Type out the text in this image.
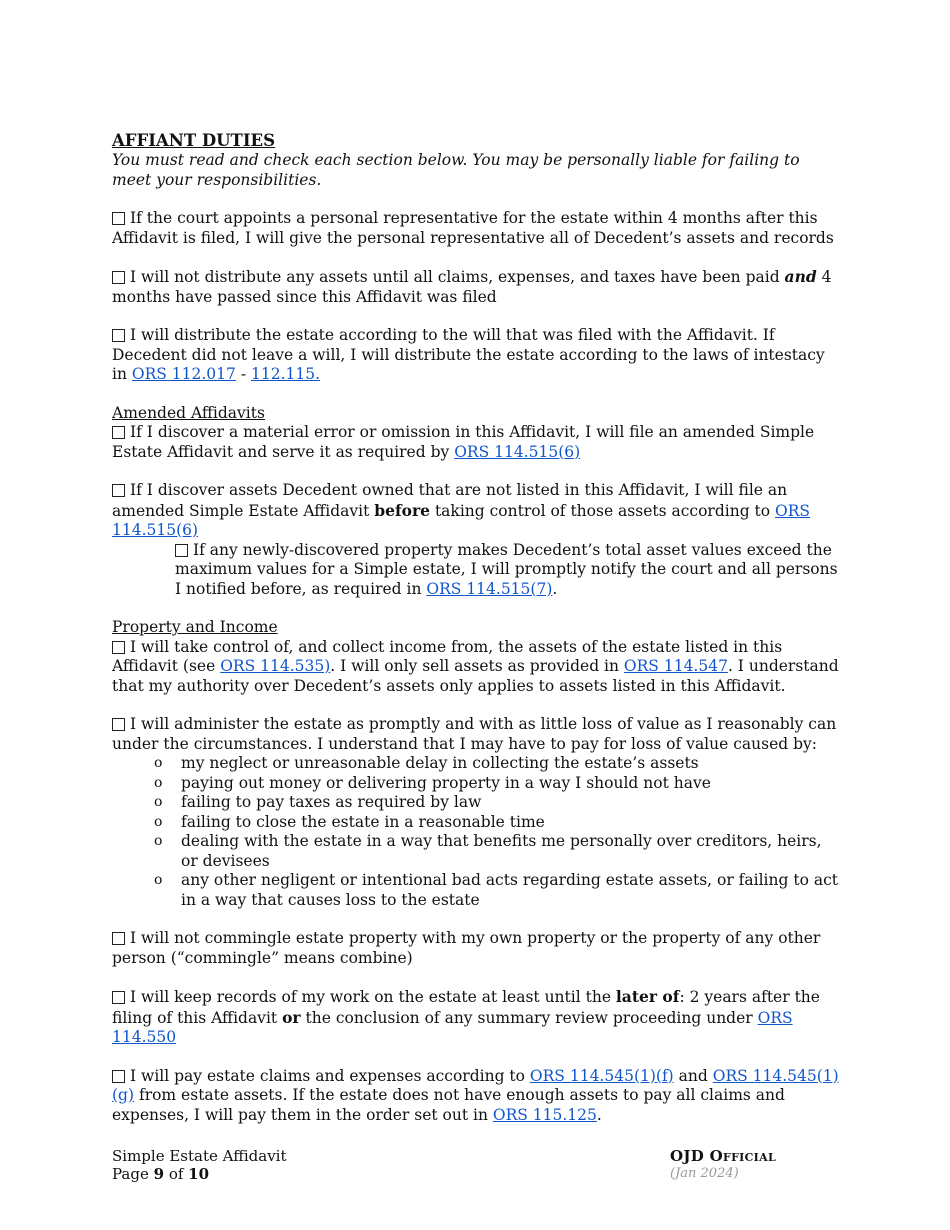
AFFIANT DUTIES

You must read and check each section below. You may be personally liable for failing to meet your responsibilities.

If the court appoints a personal representative for the estate within 4 months after this Affidavit is filed, I will give the personal representative all of Decedent’s assets and records

I will not distribute any assets until all claims, expenses, and taxes have been paid and 4 months have passed since this Affidavit was filed

I will distribute the estate according to the will that was filed with the Affidavit. If Decedent did not leave a will, I will distribute the estate according to the laws of intestacy in ORS 112.017 - 112.115.

Amended Affidavits

If I discover a material error or omission in this Affidavit, I will file an amended Simple Estate Affidavit and serve it as required by ORS 114.515(6)

If I discover assets Decedent owned that are not listed in this Affidavit, I will file an amended Simple Estate Affidavit before taking control of those assets according to ORS 114.515(6)

If any newly-discovered property makes Decedent’s total asset values exceed the maximum values for a Simple estate, I will promptly notify the court and all persons I notified before, as required in ORS 114.515(7).

Property and Income

I will take control of, and collect income from, the assets of the estate listed in this Affidavit (see ORS 114.535). I will only sell assets as provided in ORS 114.547. I understand that my authority over Decedent’s assets only applies to assets listed in this Affidavit.

I will administer the estate as promptly and with as little loss of value as I reasonably can under the circumstances. I understand that I may have to pay for loss of value caused by:

o my neglect or unreasonable delay in collecting the estate’s assets
o paying out money or delivering property in a way I should not have
o failing to pay taxes as required by law
o failing to close the estate in a reasonable time
o dealing with the estate in a way that benefits me personally over creditors, heirs, or devisees
o any other negligent or intentional bad acts regarding estate assets, or failing to act in a way that causes loss to the estate

I will not commingle estate property with my own property or the property of any other person (“commingle” means combine)

I will keep records of my work on the estate at least until the later of: 2 years after the filing of this Affidavit or the conclusion of any summary review proceeding under ORS 114.550

I will pay estate claims and expenses according to ORS 114.545(1)(f) and ORS 114.545(1)(g) from estate assets. If the estate does not have enough assets to pay all claims and expenses, I will pay them in the order set out in ORS 115.125.

Simple Estate Affidavit
Page 9 of 10
OJD Official
(Jan 2024)
